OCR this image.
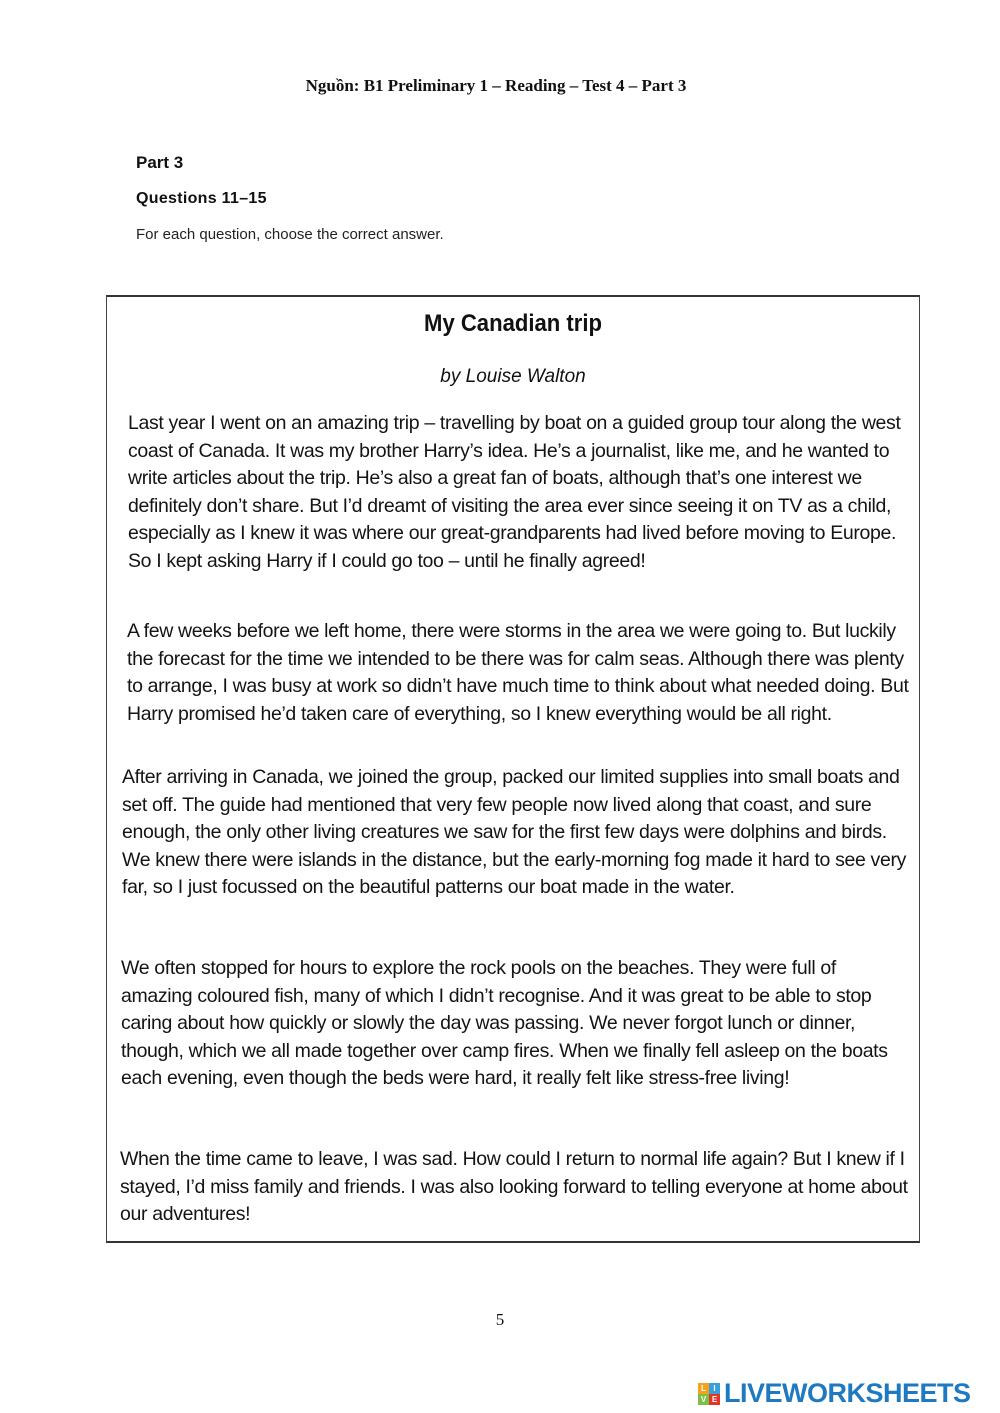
Nguồn: B1 Preliminary 1 – Reading – Test 4 – Part 3
Part 3
Questions 11–15
For each question, choose the correct answer.
My Canadian trip
by Louise Walton
Last year I went on an amazing trip – travelling by boat on a guided group tour along the west coast of Canada. It was my brother Harry’s idea. He’s a journalist, like me, and he wanted to write articles about the trip. He’s also a great fan of boats, although that’s one interest we definitely don’t share. But I’d dreamt of visiting the area ever since seeing it on TV as a child, especially as I knew it was where our great-grandparents had lived before moving to Europe. So I kept asking Harry if I could go too – until he finally agreed!
A few weeks before we left home, there were storms in the area we were going to. But luckily the forecast for the time we intended to be there was for calm seas. Although there was plenty to arrange, I was busy at work so didn’t have much time to think about what needed doing. But Harry promised he’d taken care of everything, so I knew everything would be all right.
After arriving in Canada, we joined the group, packed our limited supplies into small boats and set off. The guide had mentioned that very few people now lived along that coast, and sure enough, the only other living creatures we saw for the first few days were dolphins and birds. We knew there were islands in the distance, but the early-morning fog made it hard to see very far, so I just focussed on the beautiful patterns our boat made in the water.
We often stopped for hours to explore the rock pools on the beaches. They were full of amazing coloured fish, many of which I didn’t recognise. And it was great to be able to stop caring about how quickly or slowly the day was passing. We never forgot lunch or dinner, though, which we all made together over camp fires. When we finally fell asleep on the boats each evening, even though the beds were hard, it really felt like stress-free living!
When the time came to leave, I was sad. How could I return to normal life again? But I knew if I stayed, I’d miss family and friends. I was also looking forward to telling everyone at home about our adventures!
5
L I
V E LIVEWORKSHEETS
